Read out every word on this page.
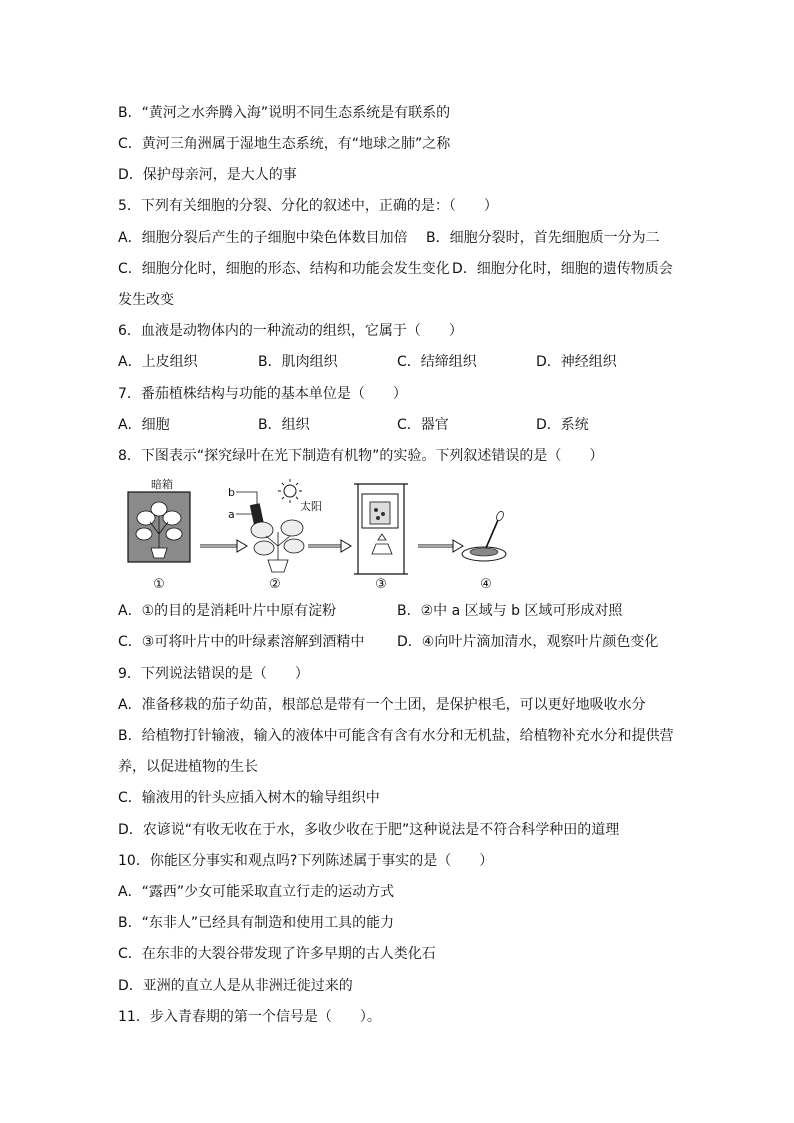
B．“黄河之水奔腾入海”说明不同生态系统是有联系的
C．黄河三角洲属于湿地生态系统，有“地球之肺”之称
D．保护母亲河，是大人的事
5．下列有关细胞的分裂、分化的叙述中，正确的是：（　　）
A．细胞分裂后产生的子细胞中染色体数目加倍 B．细胞分裂时，首先细胞质一分为二
C．细胞分化时，细胞的形态、结构和功能会发生变化 D．细胞分化时，细胞的遗传物质会
发生改变
6．血液是动物体内的一种流动的组织，它属于（　　）
A．上皮组织	B．肌肉组织	C．结缔组织	D．神经组织
7．番茄植株结构与功能的基本单位是（　　）
A．细胞	B．组织	C．器官	D．系统
8．下图表示“探究绿叶在光下制造有机物”的实验。下列叙述错误的是（　　）
暗箱
b
a
太阳
①	②	③	④
A．①的目的是消耗叶片中原有淀粉	B．②中 a 区域与 b 区域可形成对照
C．③可将叶片中的叶绿素溶解到酒精中 D．④向叶片滴加清水，观察叶片颜色变化
9．下列说法错误的是（　　）
A．准备移栽的茄子幼苗，根部总是带有一个土团，是保护根毛，可以更好地吸收水分
B．给植物打针输液，输入的液体中可能含有含有水分和无机盐，给植物补充水分和提供营
养，以促进植物的生长
C．输液用的针头应插入树木的输导组织中
D．农谚说“有收无收在于水，多收少收在于肥”这种说法是不符合科学种田的道理
10．你能区分事实和观点吗?下列陈述属于事实的是（　　）
A．“露西”少女可能采取直立行走的运动方式
B．“东非人”已经具有制造和使用工具的能力
C．在东非的大裂谷带发现了许多早期的古人类化石
D．亚洲的直立人是从非洲迁徙过来的
11．步入青春期的第一个信号是（　　）。
